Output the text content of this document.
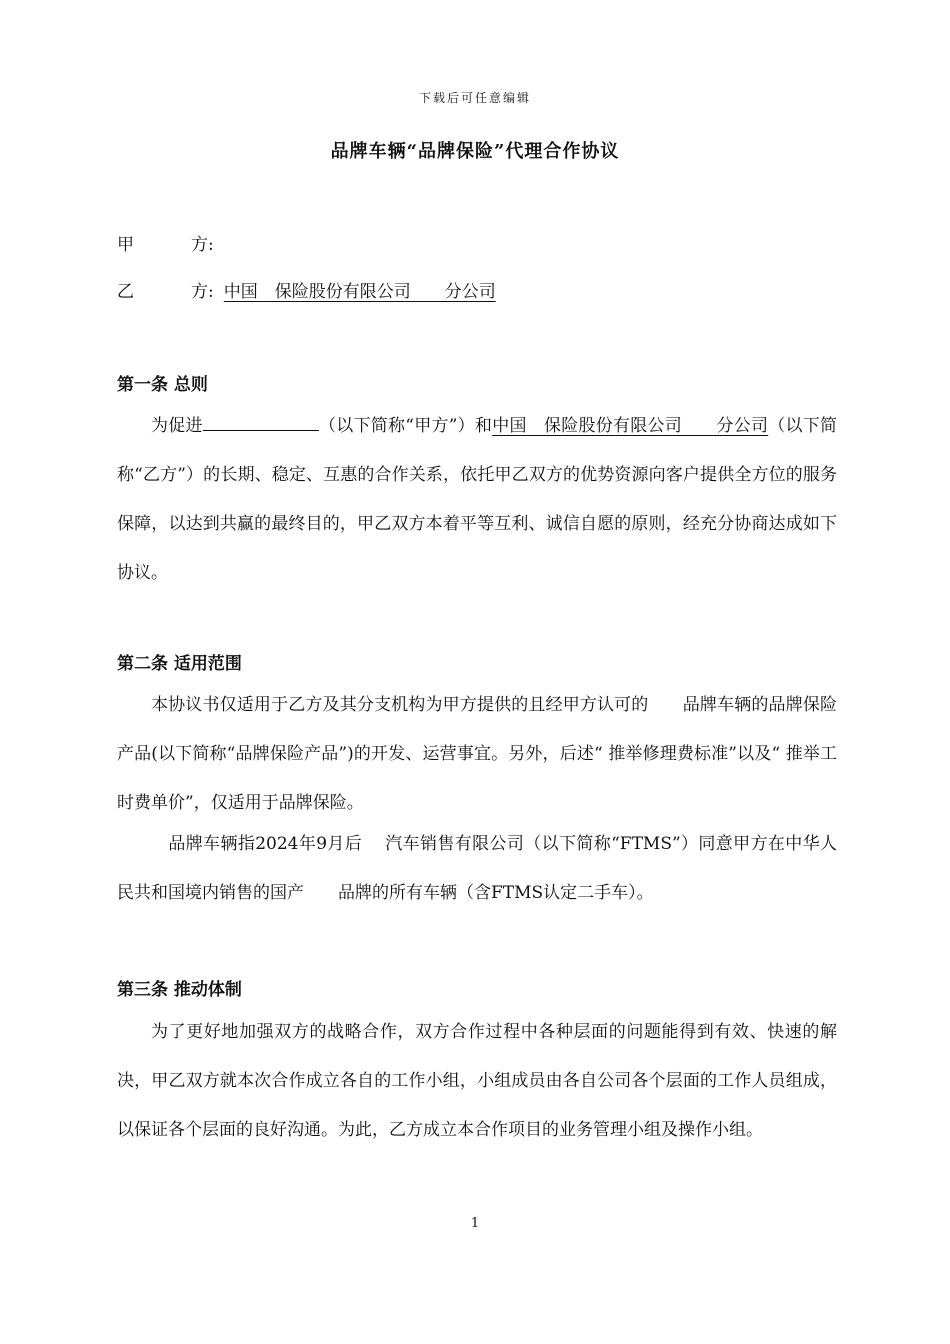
下载后可任意编辑
品牌车辆“品牌保险”代理合作协议
甲	方:
乙	方: 中国　保险股份有限公司　　分公司
第一条 总则

为促进	（以下简称“甲方”）和中国　保险股份有限公司　　分公司（以下简称“乙方”）的长期、稳定、互惠的合作关系，依托甲乙双方的优势资源向客户提供全方位的服务保障，以达到共赢的最终目的，甲乙双方本着平等互利、诚信自愿的原则，经充分协商达成如下协议。

第二条 适用范围

本协议书仅适用于乙方及其分支机构为甲方提供的且经甲方认可的　　品牌车辆的品牌保险产品(以下简称“品牌保险产品”)的开发、运营事宜。另外，后述“ 推举修理费标准”以及“ 推举工时费单价”，仅适用于品牌保险。

　品牌车辆指2024年9月后　 汽车销售有限公司（以下简称“FTMS”）同意甲方在中华人民共和国境内销售的国产　　品牌的所有车辆（含FTMS认定二手车）。

第三条 推动体制

为了更好地加强双方的战略合作，双方合作过程中各种层面的问题能得到有效、快速的解决，甲乙双方就本次合作成立各自的工作小组，小组成员由各自公司各个层面的工作人员组成，以保证各个层面的良好沟通。为此，乙方成立本合作项目的业务管理小组及操作小组。

1
